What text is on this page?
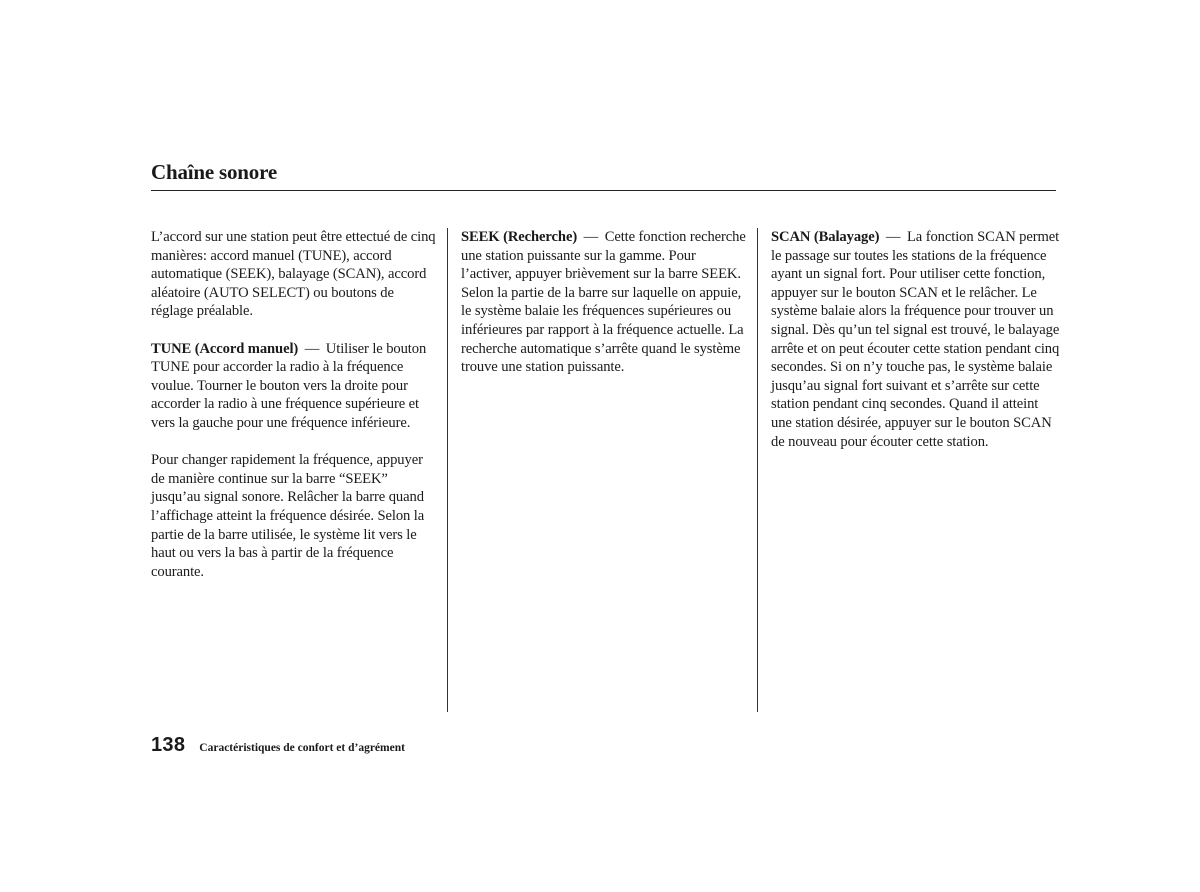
Chaîne sonore

L’accord sur une station peut être ettectué de cinq manières: accord manuel (TUNE), accord automatique (SEEK), balayage (SCAN), accord aléatoire (AUTO SELECT) ou boutons de réglage préalable.

TUNE (Accord manuel) — Utiliser le bouton TUNE pour accorder la radio à la fréquence voulue. Tourner le bouton vers la droite pour accorder la radio à une fréquence supérieure et vers la gauche pour une fréquence inférieure.

Pour changer rapidement la fréquence, appuyer de manière continue sur la barre “SEEK” jusqu’au signal sonore. Relâcher la barre quand l’affichage atteint la fréquence désirée. Selon la partie de la barre utilisée, le système lit vers le haut ou vers la bas à partir de la fréquence courante.

SEEK (Recherche) — Cette fonction recherche une station puissante sur la gamme. Pour l’activer, appuyer brièvement sur la barre SEEK. Selon la partie de la barre sur laquelle on appuie, le système balaie les fréquences supérieures ou inférieures par rapport à la fréquence actuelle. La recherche automatique s’arrête quand le système trouve une station puissante.

SCAN (Balayage) — La fonction SCAN permet le passage sur toutes les stations de la fréquence ayant un signal fort. Pour utiliser cette fonction, appuyer sur le bouton SCAN et le relâcher. Le système balaie alors la fréquence pour trouver un signal. Dès qu’un tel signal est trouvé, le balayage arrête et on peut écouter cette station pendant cinq secondes. Si on n’y touche pas, le système balaie jusqu’au signal fort suivant et s’arrête sur cette station pendant cinq secondes. Quand il atteint une station désirée, appuyer sur le bouton SCAN de nouveau pour écouter cette station.

138 Caractéristiques de confort et d’agrément
